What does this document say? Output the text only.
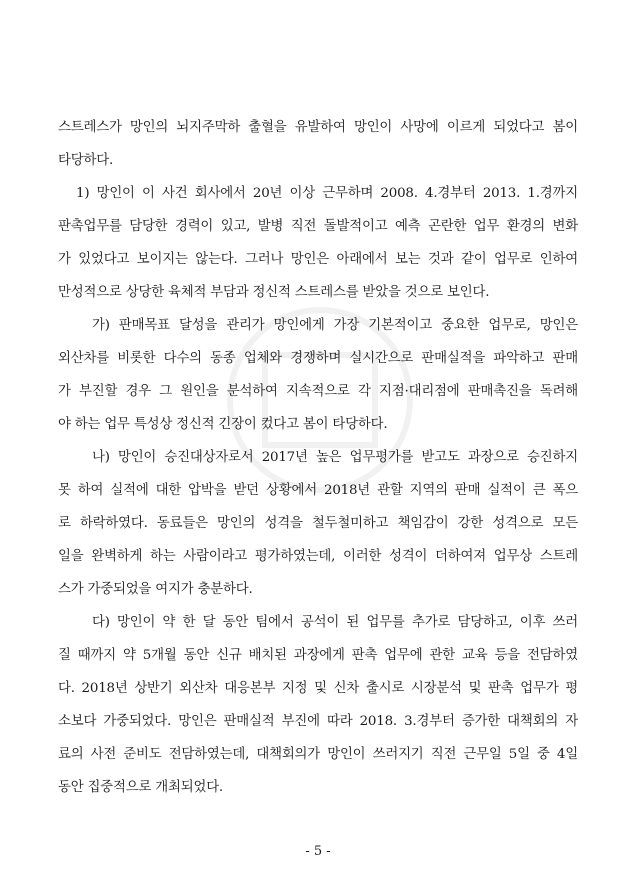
스트레스가 망인의 뇌지주막하 출혈을 유발하여 망인이 사망에 이르게 되었다고 봄이
타당하다.
1) 망인이 이 사건 회사에서 20년 이상 근무하며 2008. 4.경부터 2013. 1.경까지
판촉업무를 담당한 경력이 있고, 발병 직전 돌발적이고 예측 곤란한 업무 환경의 변화
가 있었다고 보이지는 않는다. 그러나 망인은 아래에서 보는 것과 같이 업무로 인하여
만성적으로 상당한 육체적 부담과 정신적 스트레스를 받았을 것으로 보인다.
가) 판매목표 달성을 관리가 망인에게 가장 기본적이고 중요한 업무로, 망인은
외산차를 비롯한 다수의 동종 업체와 경쟁하며 실시간으로 판매실적을 파악하고 판매
가 부진할 경우 그 원인을 분석하여 지속적으로 각 지점·대리점에 판매촉진을 독려해
야 하는 업무 특성상 정신적 긴장이 컸다고 봄이 타당하다.
나) 망인이 승진대상자로서 2017년 높은 업무평가를 받고도 과장으로 승진하지
못 하여 실적에 대한 압박을 받던 상황에서 2018년 관할 지역의 판매 실적이 큰 폭으
로 하락하였다. 동료들은 망인의 성격을 철두철미하고 책임감이 강한 성격으로 모든
일을 완벽하게 하는 사람이라고 평가하였는데, 이러한 성격이 더하여져 업무상 스트레
스가 가중되었을 여지가 충분하다.
다) 망인이 약 한 달 동안 팀에서 공석이 된 업무를 추가로 담당하고, 이후 쓰러
질 때까지 약 5개월 동안 신규 배치된 과장에게 판촉 업무에 관한 교육 등을 전담하였
다. 2018년 상반기 외산차 대응본부 지정 및 신차 출시로 시장분석 및 판촉 업무가 평
소보다 가중되었다. 망인은 판매실적 부진에 따라 2018. 3.경부터 증가한 대책회의 자
료의 사전 준비도 전담하였는데, 대책회의가 망인이 쓰러지기 직전 근무일 5일 중 4일
동안 집중적으로 개최되었다.
- 5 -
